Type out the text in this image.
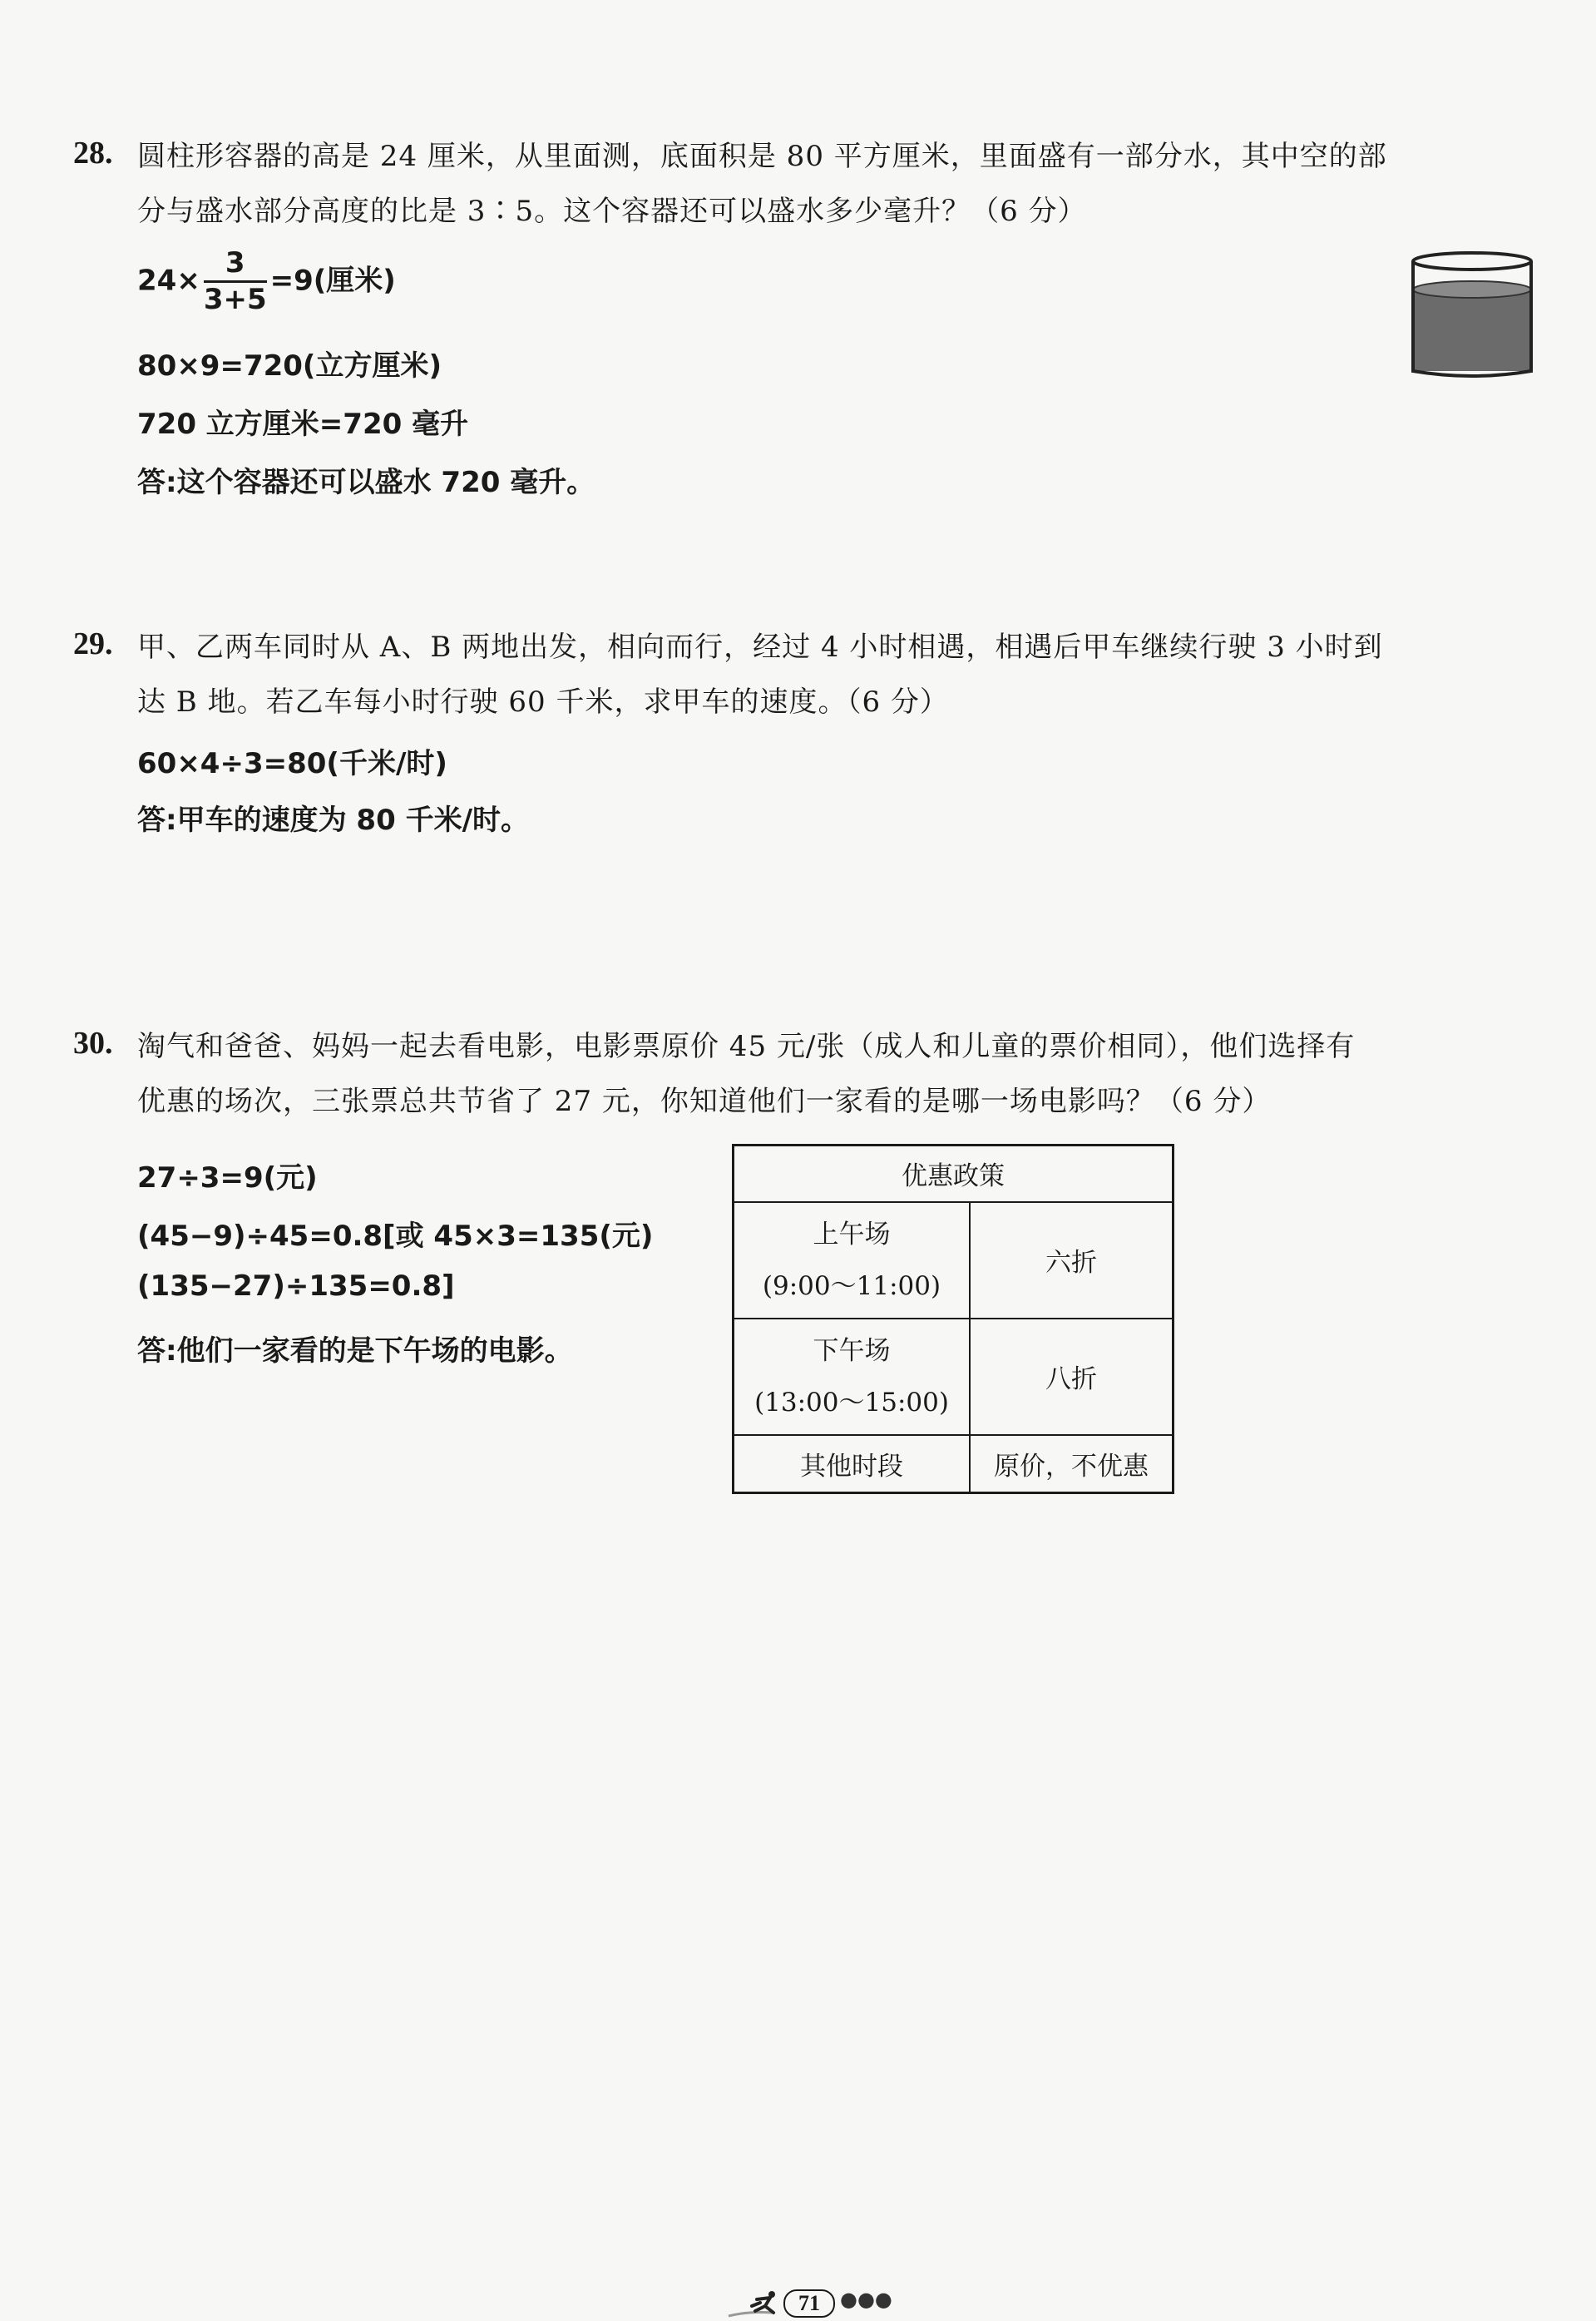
28. 圆柱形容器的高是 24 厘米，从里面测，底面积是 80 平方厘米，里面盛有一部分水，其中空的部
分与盛水部分高度的比是 3∶5。这个容器还可以盛水多少毫升？（6 分）
$24\times \frac{3}{3+5} =9$(厘米)
80×9=720(立方厘米)
720 立方厘米=720 毫升
答:这个容器还可以盛水 720 毫升。
29. 甲、乙两车同时从 A、B 两地出发，相向而行，经过 4 小时相遇，相遇后甲车继续行驶 3 小时到
达 B 地。若乙车每小时行驶 60 千米，求甲车的速度。（6 分）
60×4÷3=80(千米/时)
答:甲车的速度为 80 千米/时。
30. 淘气和爸爸、妈妈一起去看电影，电影票原价 45 元/张（成人和儿童的票价相同），他们选择有
优惠的场次，三张票总共节省了 27 元，你知道他们一家看的是哪一场电影吗？（6 分）
27÷3=9(元)
(45−9)÷45=0.8[或 45×3=135(元)
(135−27)÷135=0.8]
答:他们一家看的是下午场的电影。
优惠政策	

上午场
(9:00～11:00)	六折

下午场
(13:00～15:00)	八折
其他时段	原价，不优惠
71	●●●
